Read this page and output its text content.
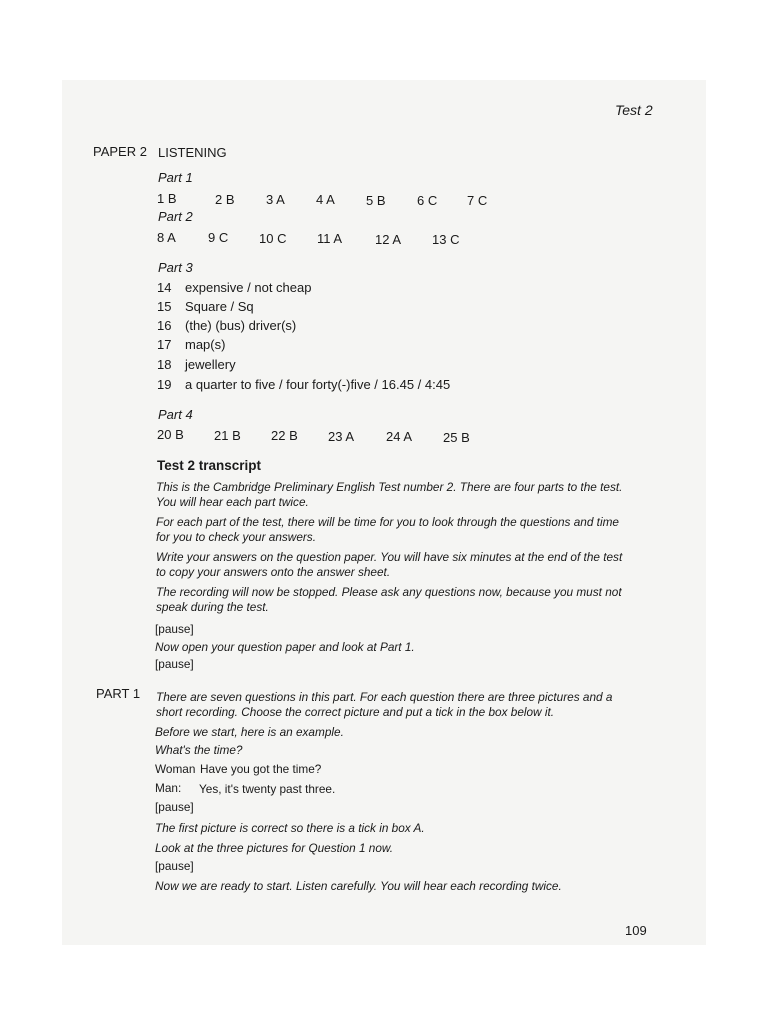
Test 2
PAPER 2 LISTENING
Part 1
1 B	2 B 3 A 4 A 5 B 6 C 7 C
Part 2
8 A 9 C 10 C 11 A	12 A 13 C
Part 3
14 expensive / not cheap
15 Square / Sq
16 (the) (bus) driver(s)
17 map(s)
18 jewellery
19 a quarter to five / four forty(-)five / 16.45 / 4:45
Part 4
20 B 21 B 22 B 23 A 24 A 25 B
Test 2 transcript
This is the Cambridge Preliminary English Test number 2. There are four parts to the test. You will hear each part twice.
For each part of the test, there will be time for you to look through the questions and time for you to check your answers.
Write your answers on the question paper. You will have six minutes at the end of the test to copy your answers onto the answer sheet.
The recording will now be stopped. Please ask any questions now, because you must not speak during the test.
[pause]
Now open your question paper and look at Part 1.
[pause]
PART 1 There are seven questions in this part. For each question there are three pictures and a short recording. Choose the correct picture and put a tick in the box below it.
Before we start, here is an example.
What's the time?
Woman Have you got the time?
Man: Yes, it's twenty past three.
[pause]
The first picture is correct so there is a tick in box A.
Look at the three pictures for Question 1 now.
[pause]
Now we are ready to start. Listen carefully. You will hear each recording twice.
109
